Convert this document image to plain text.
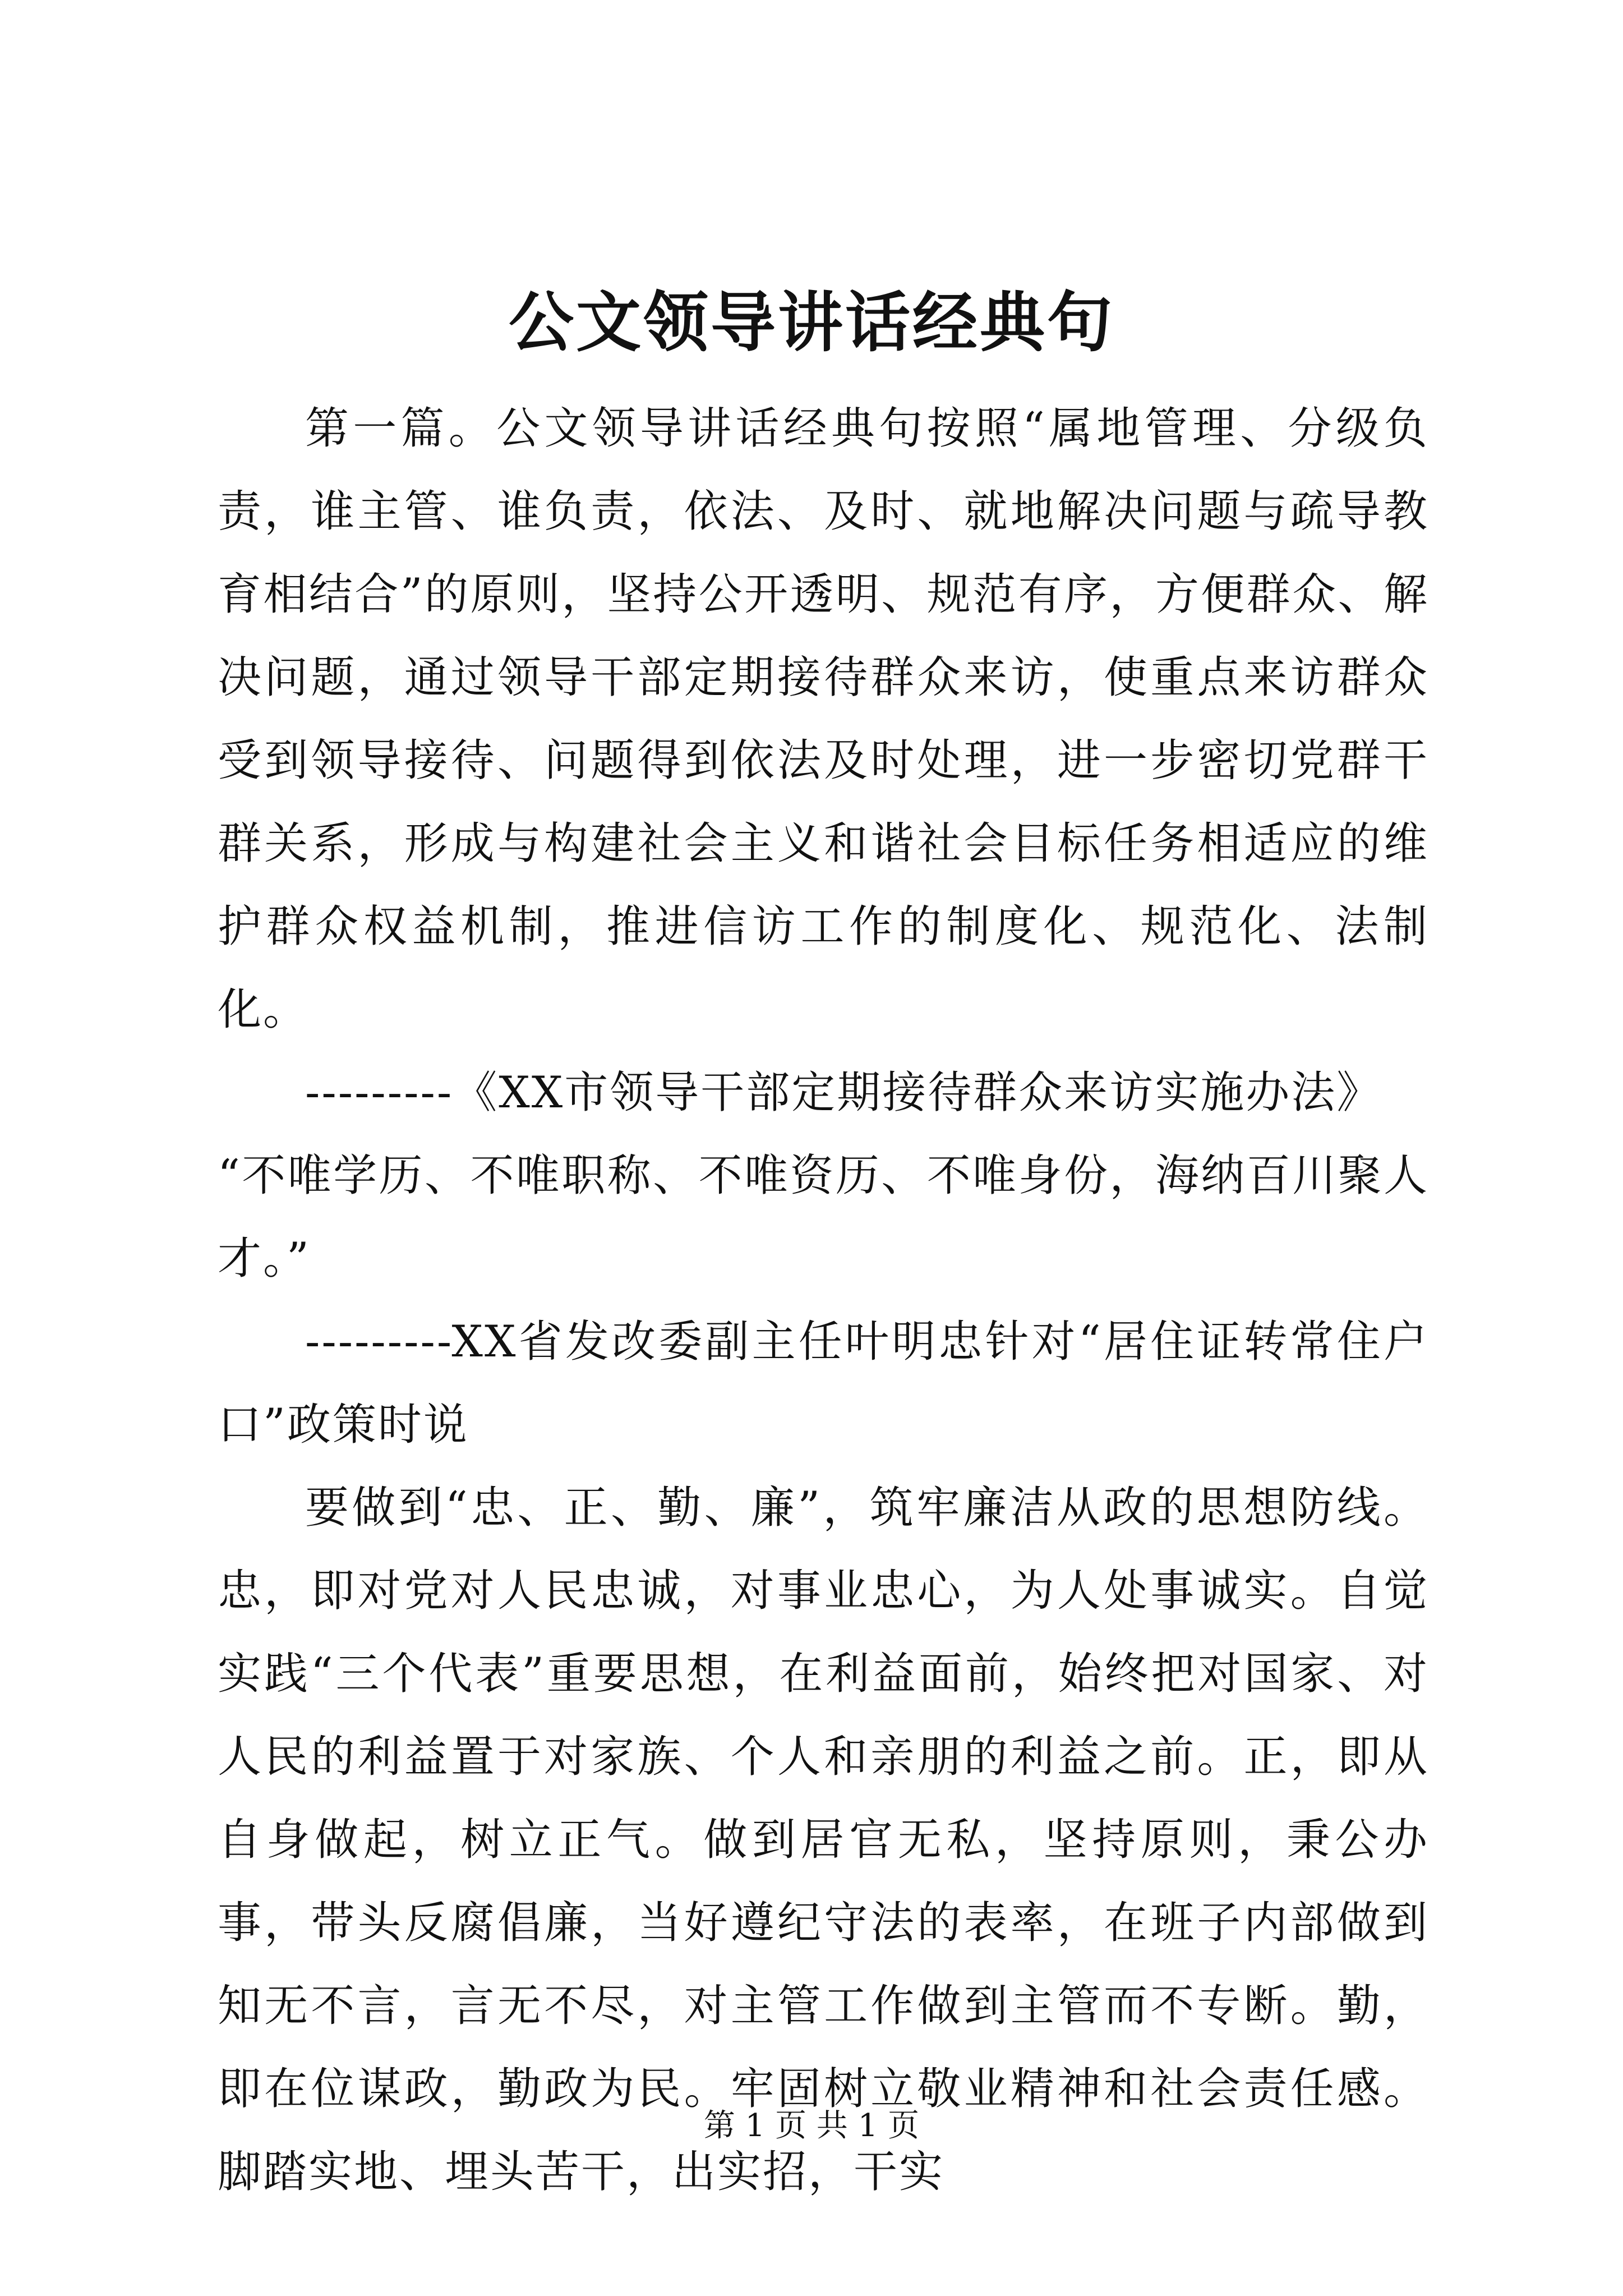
公文领导讲话经典句

第一篇。公文领导讲话经典句按照“属地管理、分级负责，谁主管、谁负责，依法、及时、就地解决问题与疏导教育相结合”的原则，坚持公开透明、规范有序，方便群众、解决问题，通过领导干部定期接待群众来访，使重点来访群众受到领导接待、问题得到依法及时处理，进一步密切党群干群关系，形成与构建社会主义和谐社会目标任务相适应的维护群众权益机制，推进信访工作的制度化、规范化、法制化。

---------《XX市领导干部定期接待群众来访实施办法》

“不唯学历、不唯职称、不唯资历、不唯身份，海纳百川聚人才。”

---------XX省发改委副主任叶明忠针对“居住证转常住户口”政策时说

要做到“忠、正、勤、廉”，筑牢廉洁从政的思想防线。忠，即对党对人民忠诚，对事业忠心，为人处事诚实。自觉实践“三个代表”重要思想，在利益面前，始终把对国家、对人民的利益置于对家族、个人和亲朋的利益之前。正，即从自身做起，树立正气。做到居官无私，坚持原则，秉公办事，带头反腐倡廉，当好遵纪守法的表率，在班子内部做到知无不言，言无不尽，对主管工作做到主管而不专断。勤，即在位谋政，勤政为民。牢固树立敬业精神和社会责任感。脚踏实地、埋头苦干，出实招，干实

第 1 页 共 1 页
